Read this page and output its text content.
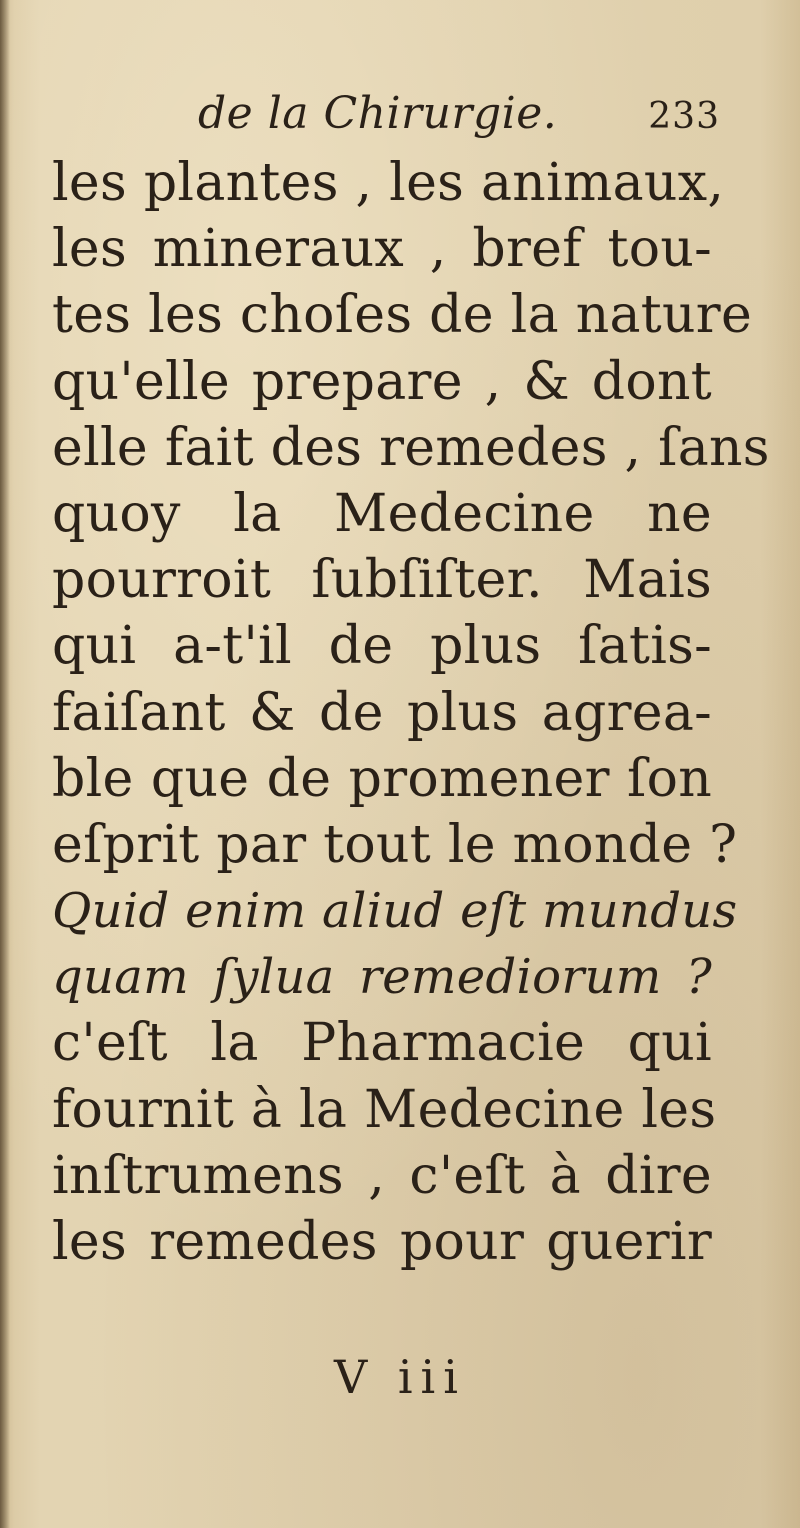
de la Chirurgie.	233
les plantes , les animaux,
les mineraux , bref tou-
tes les choſes de la nature
qu'elle prepare , & dont
elle fait des remedes , ſans
quoy la Medecine ne
pourroit ſubſiſter. Mais
qui a-t'il de plus ſatis-
faiſant & de plus agrea-
ble que de promener ſon
eſprit par tout le monde ?
Quid enim aliud eſt mundus
quam ſylua remediorum ?
c'eſt la Pharmacie qui
fournit à la Medecine les
inſtrumens , c'eſt à dire
les remedes pour guerir
V iii
